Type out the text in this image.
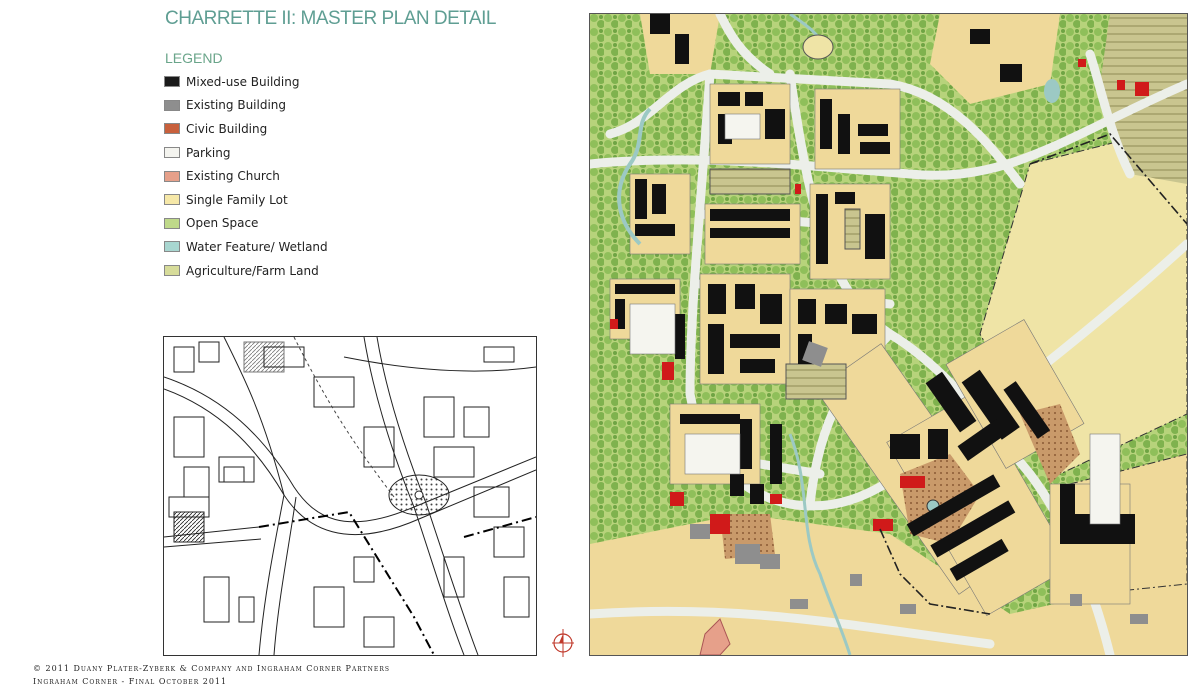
CHARRETTE II: MASTER PLAN DETAIL
LEGEND
Mixed-use Building
Existing Building
Civic Building
Parking
Existing Church
Single Family Lot
Open Space
Water Feature/ Wetland
Agriculture/Farm Land
© 2011 Duany Plater-Zyberk & Company and Ingraham Corner Partners
Ingraham Corner - Final October 2011
